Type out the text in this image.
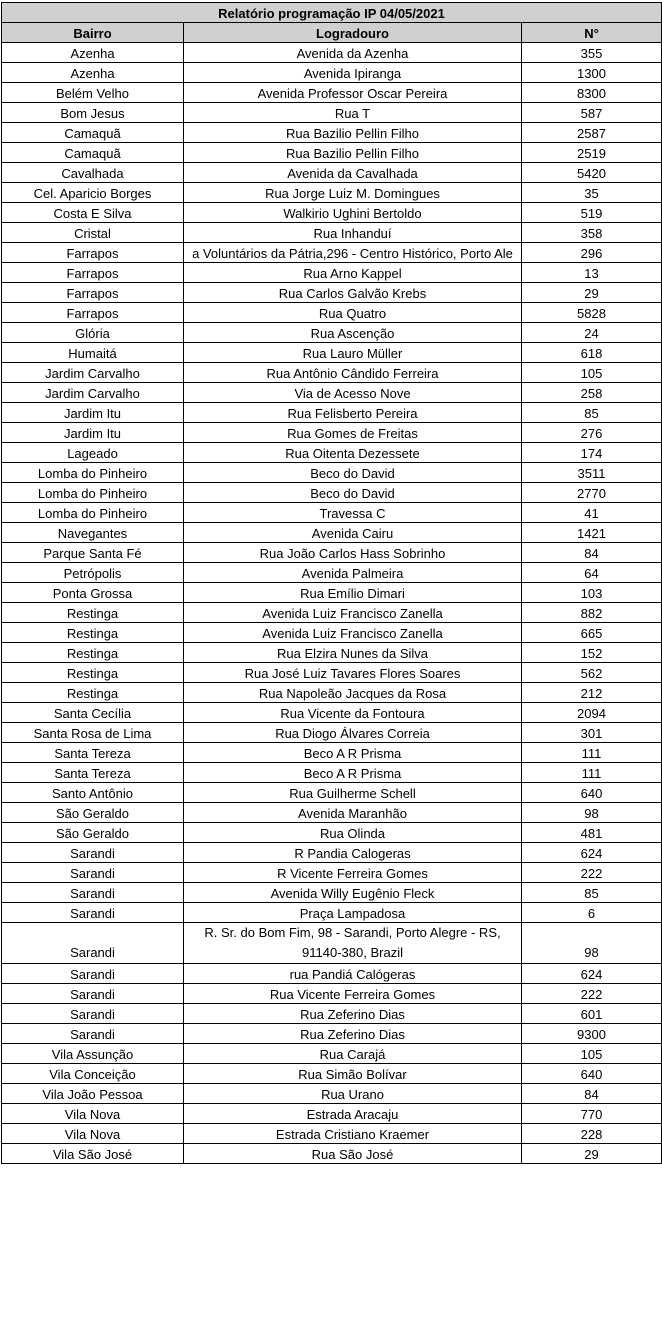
Relatório programação IP 04/05/2021		
Bairro	Logradouro	N°
Azenha	Avenida da Azenha	355
Azenha	Avenida Ipiranga	1300
Belém Velho	Avenida Professor Oscar Pereira	8300
Bom Jesus	Rua T	587
Camaquã	Rua Bazilio Pellin Filho	2587
Camaquã	Rua Bazilio Pellin Filho	2519
Cavalhada	Avenida da Cavalhada	5420
Cel. Aparicio Borges	Rua Jorge Luiz M. Domingues	35
Costa E Silva	Walkirio Ughini Bertoldo	519
Cristal	Rua Inhanduí	358
Farrapos	a Voluntários da Pátria,296 - Centro Histórico, Porto Ale	296
Farrapos	Rua Arno Kappel	13
Farrapos	Rua Carlos Galvão Krebs	29
Farrapos	Rua Quatro	5828
Glória	Rua Ascenção	24
Humaitá	Rua Lauro Müller	618
Jardim Carvalho	Rua Antônio Cândido Ferreira	105
Jardim Carvalho	Via de Acesso Nove	258
Jardim Itu	Rua Felisberto Pereira	85
Jardim Itu	Rua Gomes de Freitas	276
Lageado	Rua Oitenta Dezessete	174
Lomba do Pinheiro	Beco do David	3511
Lomba do Pinheiro	Beco do David	2770
Lomba do Pinheiro	Travessa C	41
Navegantes	Avenida Cairu	1421
Parque Santa Fé	Rua João Carlos Hass Sobrinho	84
Petrópolis	Avenida Palmeira	64
Ponta Grossa	Rua Emílio Dimari	103
Restinga	Avenida Luiz Francisco Zanella	882
Restinga	Avenida Luiz Francisco Zanella	665
Restinga	Rua Elzira Nunes da Silva	152
Restinga	Rua José Luiz Tavares Flores Soares	562
Restinga	Rua Napoleão Jacques da Rosa	212
Santa Cecília	Rua Vicente da Fontoura	2094
Santa Rosa de Lima	Rua Diogo Álvares Correia	301
Santa Tereza	Beco A R Prisma	111
Santa Tereza	Beco A R Prisma	111
Santo Antônio	Rua Guilherme Schell	640
São Geraldo	Avenida Maranhão	98
São Geraldo	Rua Olinda	481
Sarandi	R Pandia Calogeras	624
Sarandi	R Vicente Ferreira Gomes	222
Sarandi	Avenida Willy Eugênio Fleck	85
Sarandi	Praça Lampadosa	6
Sarandi	R. Sr. do Bom Fim, 98 - Sarandi, Porto Alegre - RS, 91140-380, Brazil	98
Sarandi	rua Pandiá Calógeras	624
Sarandi	Rua Vicente Ferreira Gomes	222
Sarandi	Rua Zeferino Dias	601
Sarandi	Rua Zeferino Dias	9300
Vila Assunção	Rua Carajá	105
Vila Conceição	Rua Simão Bolívar	640
Vila João Pessoa	Rua Urano	84
Vila Nova	Estrada Aracaju	770
Vila Nova	Estrada Cristiano Kraemer	228
Vila São José	Rua São José	29
